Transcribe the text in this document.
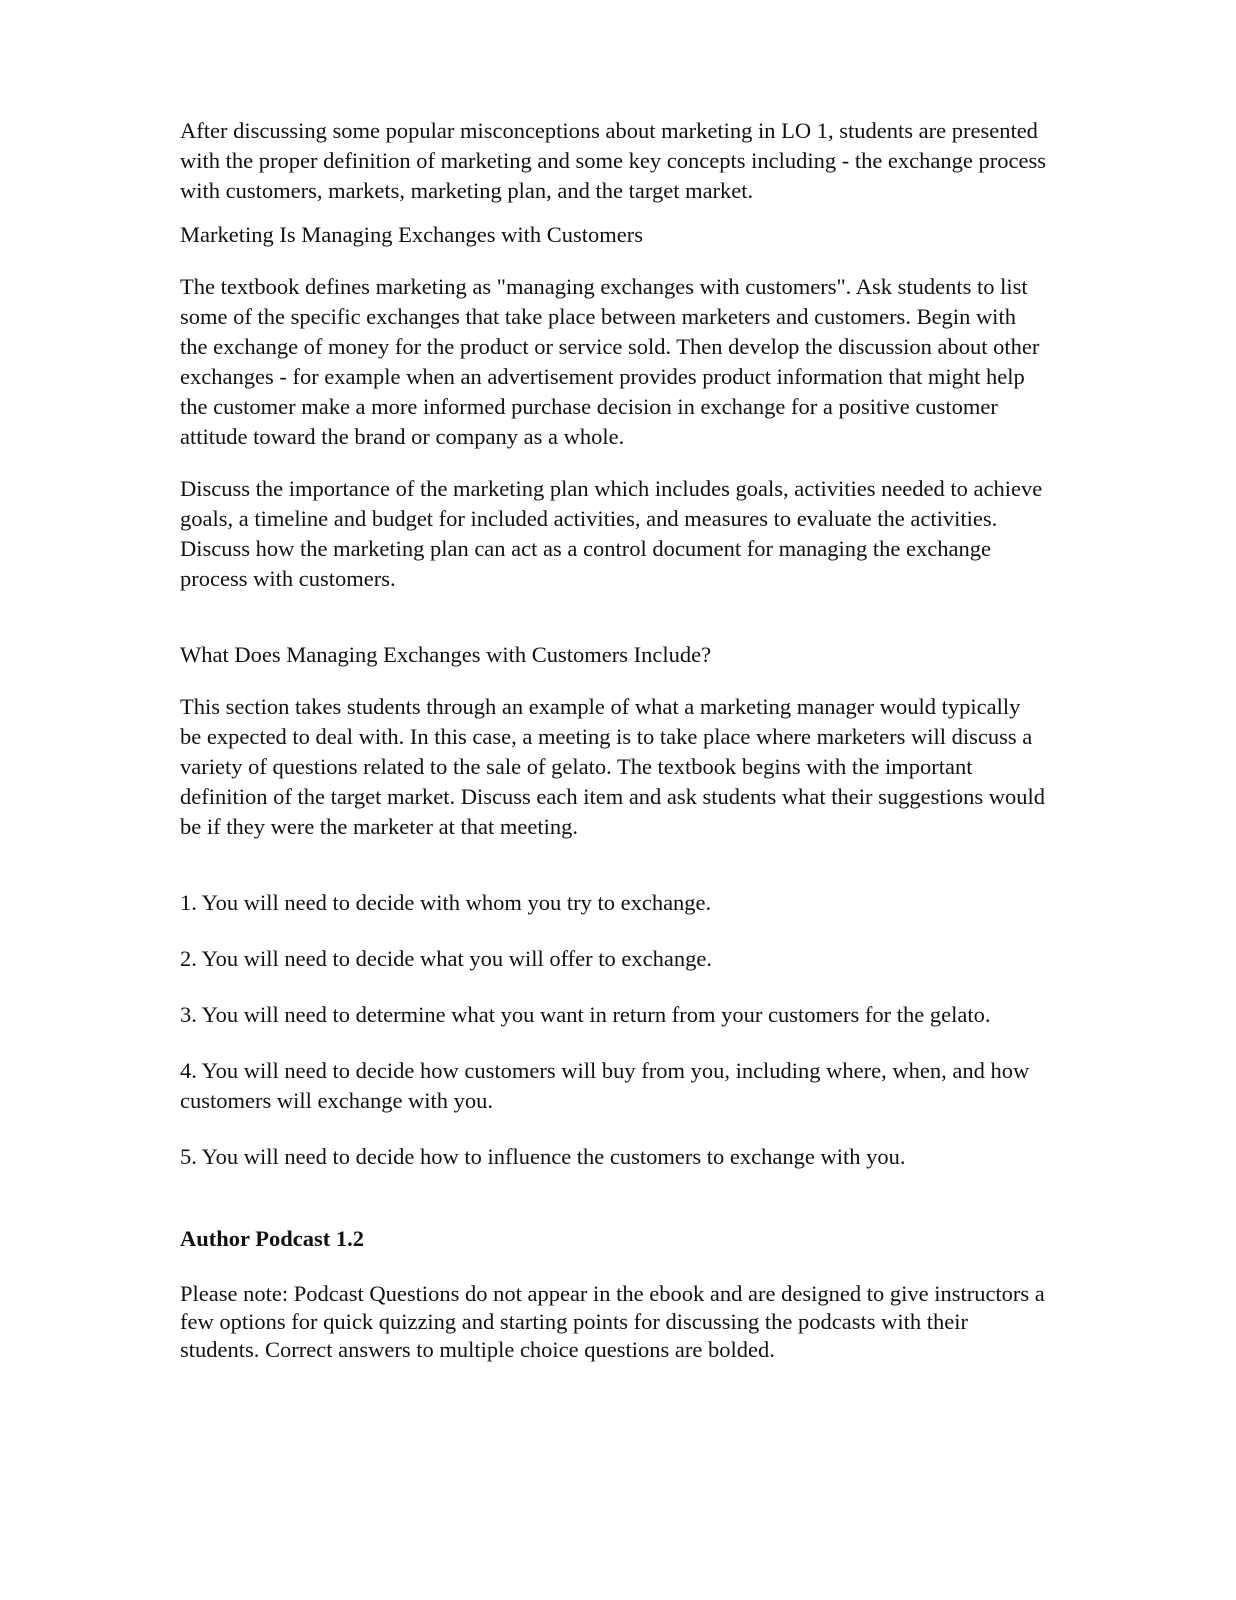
After discussing some popular misconceptions about marketing in LO 1, students are presented with the proper definition of marketing and some key concepts including - the exchange process with customers, markets, marketing plan, and the target market.

Marketing Is Managing Exchanges with Customers

The textbook defines marketing as "managing exchanges with customers". Ask students to list some of the specific exchanges that take place between marketers and customers. Begin with the exchange of money for the product or service sold. Then develop the discussion about other exchanges - for example when an advertisement provides product information that might help the customer make a more informed purchase decision in exchange for a positive customer attitude toward the brand or company as a whole.

Discuss the importance of the marketing plan which includes goals, activities needed to achieve goals, a timeline and budget for included activities, and measures to evaluate the activities. Discuss how the marketing plan can act as a control document for managing the exchange process with customers.

What Does Managing Exchanges with Customers Include?

This section takes students through an example of what a marketing manager would typically be expected to deal with. In this case, a meeting is to take place where marketers will discuss a variety of questions related to the sale of gelato. The textbook begins with the important definition of the target market. Discuss each item and ask students what their suggestions would be if they were the marketer at that meeting.

1. You will need to decide with whom you try to exchange.

2. You will need to decide what you will offer to exchange.

3. You will need to determine what you want in return from your customers for the gelato.

4. You will need to decide how customers will buy from you, including where, when, and how customers will exchange with you.

5. You will need to decide how to influence the customers to exchange with you.

Author Podcast 1.2

Please note: Podcast Questions do not appear in the ebook and are designed to give instructors a few options for quick quizzing and starting points for discussing the podcasts with their students. Correct answers to multiple choice questions are bolded.
